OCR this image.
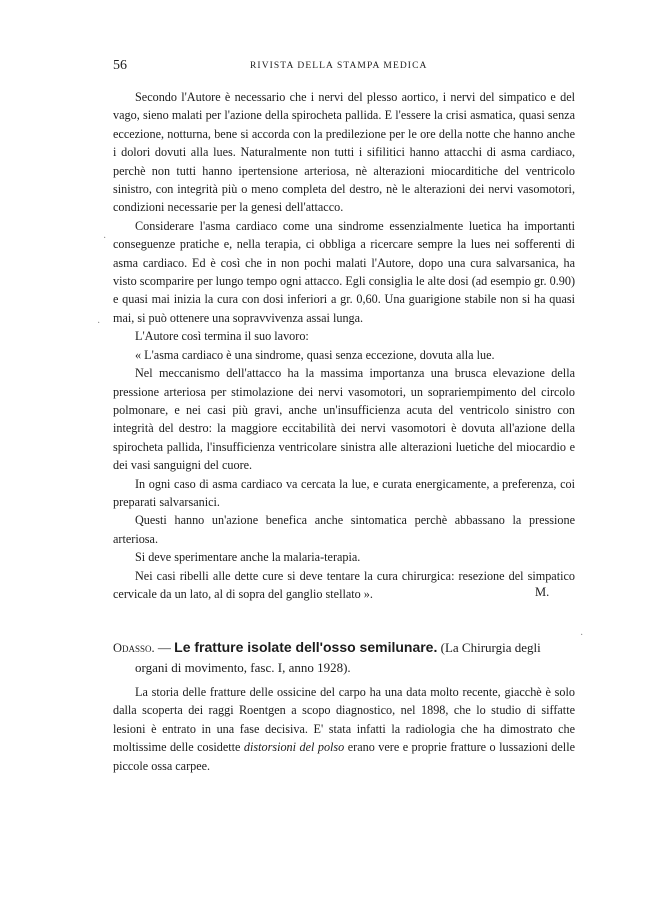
56	RIVISTA DELLA STAMPA MEDICA

Secondo l'Autore è necessario che i nervi del plesso aortico, i nervi del simpatico e del vago, sieno malati per l'azione della spirocheta pallida. E l'essere la crisi asmatica, quasi senza eccezione, notturna, bene si accorda con la predilezione per le ore della notte che hanno anche i dolori dovuti alla lues. Naturalmente non tutti i sifilitici hanno attacchi di asma cardiaco, perchè non tutti hanno ipertensione arteriosa, nè alterazioni miocarditiche del ventricolo sinistro, con integrità più o meno completa del destro, nè le alterazioni dei nervi vasomotori, condizioni necessarie per la genesi dell'attacco.

Considerare l'asma cardiaco come una sindrome essenzialmente luetica ha importanti conseguenze pratiche e, nella terapia, ci obbliga a ricercare sempre la lues nei sofferenti di asma cardiaco. Ed è così che in non pochi malati l'Autore, dopo una cura salvarsanica, ha visto scomparire per lungo tempo ogni attacco. Egli consiglia le alte dosi (ad esempio gr. 0.90) e quasi mai inizia la cura con dosi inferiori a gr. 0,60. Una guarigione stabile non si ha quasi mai, si può ottenere una sopravvivenza assai lunga.

L'Autore così termina il suo lavoro:

« L'asma cardiaco è una sindrome, quasi senza eccezione, dovuta alla lue.

Nel meccanismo dell'attacco ha la massima importanza una brusca elevazione della pressione arteriosa per stimolazione dei nervi vasomotori, un soprariempimento del circolo polmonare, e nei casi più gravi, anche un'insufficienza acuta del ventricolo sinistro con integrità del destro: la maggiore eccitabilità dei nervi vasomotori è dovuta all'azione della spirocheta pallida, l'insufficienza ventricolare sinistra alle alterazioni luetiche del miocardio e dei vasi sanguigni del cuore.

In ogni caso di asma cardiaco va cercata la lue, e curata energicamente, a preferenza, coi preparati salvarsanici.

Questi hanno un'azione benefica anche sintomatica perchè abbassano la pressione arteriosa.

Si deve sperimentare anche la malaria-terapia.

Nei casi ribelli alle dette cure si deve tentare la cura chirurgica: resezione del simpatico cervicale da un lato, al di sopra del ganglio stellato ».	M.
Odasso. — Le fratture isolate dell'osso semilunare. (La Chirurgia degli
organi di movimento, fasc. I, anno 1928).

La storia delle fratture delle ossicine del carpo ha una data molto recente, giacchè è solo dalla scoperta dei raggi Roentgen a scopo diagnostico, nel 1898, che lo studio di siffatte lesioni è entrato in una fase decisiva. E' stata infatti la radiologia che ha dimostrato che moltissime delle cosidette distorsioni del polso erano vere e proprie fratture o lussazioni delle piccole ossa carpee.

·
·
·
